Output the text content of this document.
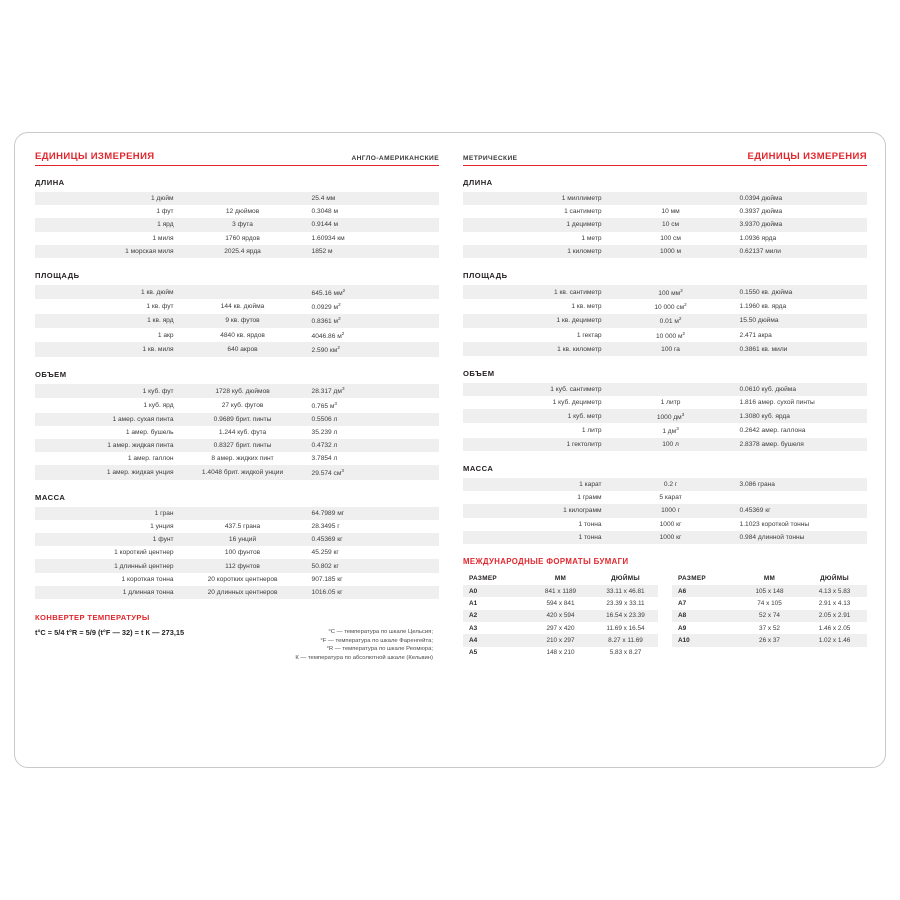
ЕДИНИЦЫ ИЗМЕРЕНИЯ	АНГЛО-АМЕРИКАНСКИЕ
ДЛИНА
1 дюйм		25.4 мм
1 фут	12 дюймов	0.3048 м
1 ярд	3 фута	0.9144 м
1 миля	1760 ярдов	1.60934 км
1 морская миля	2025.4 ярда	1852 м
ПЛОЩАДЬ
1 кв. дюйм		645.16 $мм^2$
1 кв. фут	144 кв. дюйма	0.0929 $м^2$
1 кв. ярд	9 кв. футов	0.8361 $м^2$
1 акр	4840 кв. ярдов	4046.86 $м^2$
1 кв. миля	640 акров	2.590 $км^2$
ОБЪЕМ
1 куб. фут	1728 куб. дюймов	28.317 $дм^3$
1 куб. ярд	27 куб. футов	0.765 $м^3$
1 амер. сухая пинта	0.9689 брит. пинты	0.5506 л
1 амер. бушель	1.244 куб. фута	35.239 л
1 амер. жидкая пинта	0.8327 брит. пинты	0.4732 л
1 амер. галлон	8 амер. жидких пинт	3.7854 л
1 амер. жидкая унция	1.4048 брит. жидкой унции	29.574 $см^3$
МАССА
1 гран		64.7989 мг
1 унция	437.5 грана	28.3495 г
1 фунт	16 унций	0.45369 кг
1 короткий центнер	100 фунтов	45.259 кг
1 длинный центнер	112 фунтов	50.802 кг
1 короткая тонна	20 коротких центнеров	907.185 кг
1 длинная тонна	20 длинных центнеров	1016.05 кг
КОНВЕРТЕР ТЕМПЕРАТУРЫ
t°C = 5/4 t°R = 5/9 (t°F — 32) = t К — 273,15	°С — температура по шкале Цельсия;
°F — температура по шкале Фаренгейта;
°R — температура по шкале Реомюра;
К — температура по абсолютной шкале (Кельвин)
ЕДИНИЦЫ ИЗМЕРЕНИЯ
МЕТРИЧЕСКИЕ
ДЛИНА
1 миллиметр		0.0394 дюйма
1 сантиметр	10 мм	0.3937 дюйма
1 дециметр	10 см	3.9370 дюйма
1 метр	100 см	1.0936 ярда
1 километр	1000 м	0.62137 мили
ПЛОЩАДЬ
1 кв. сантиметр	100 $мм^2$	0.1550 кв. дюйма
1 кв. метр	10 000 $см^2$	1.1960 кв. ярда
1 кв. дециметр	0.01 $м^2$	15.50 дюйма
1 гектар	10 000 $м^2$	2.471 акра
1 кв. километр	100 га	0.3861 кв. мили
ОБЪЕМ
1 куб. сантиметр		0.0610 куб. дюйма
1 куб. дециметр	1 литр	1.816 амер. сухой пинты
1 куб. метр	1000 $дм^3$	1.3080 куб. ярда
1 литр	1 $дм^3$	0.2642 амер. галлона
1 гектолитр	100 л	2.8378 амер. бушеля
МАССА
1 карат	0.2 г	3.086 грана
1 грамм	5 карат	
1 килограмм	1000 г	0.45369 кг
1 тонна	1000 кг	1.1023 короткой тонны
1 тонна	1000 кг	0.984 длинной тонны
МЕЖДУНАРОДНЫЕ ФОРМАТЫ БУМАГИ
РАЗМЕР	ММ	ДЮЙМЫ
A0	841 x 1189	33.11 x 46.81
A1	594 x 841	23.39 x 33.11
A2	420 x 594	16.54 x 23.39
A3	297 x 420	11.69 x 16.54
A4	210 x 297	8.27 x 11.69
A5	148 x 210	5.83 x 8.27
РАЗМЕР	ММ	ДЮЙМЫ
A6	105 x 148	4.13 x 5.83
A7	74 x 105	2.91 x 4.13
A8	52 x 74	2.05 x 2.91
A9	37 x 52	1.46 x 2.05
A10	26 x 37	1.02 x 1.46
